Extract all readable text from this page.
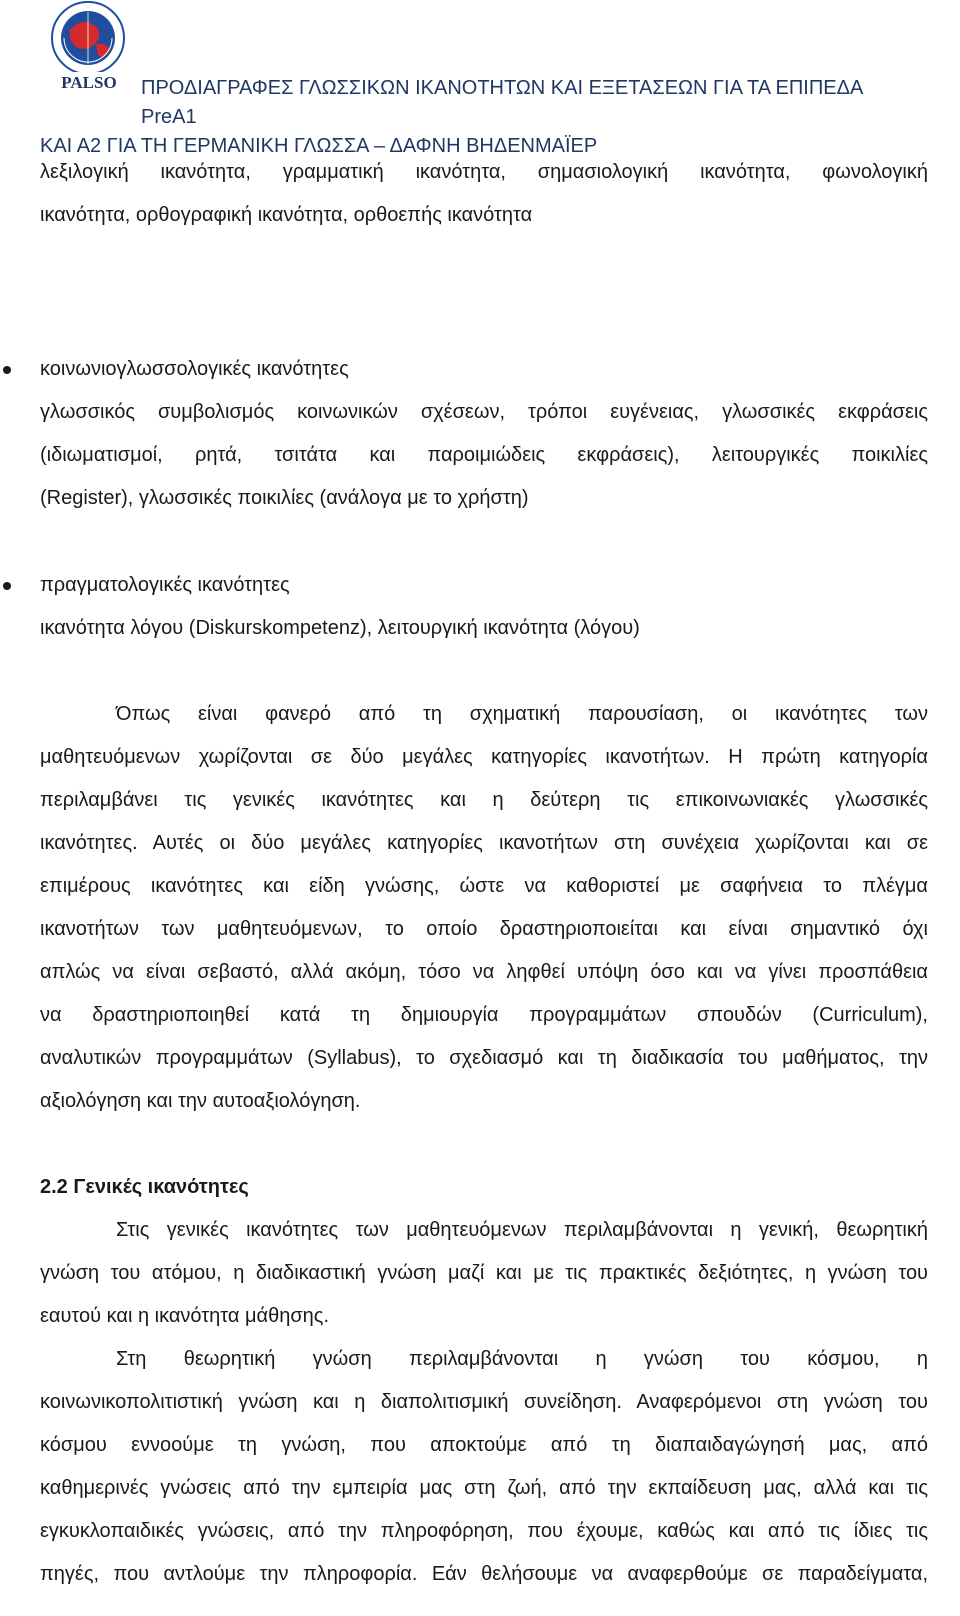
PALSO	ΠΡΟΔΙΑΓΡΑΦΕΣ ΓΛΩΣΣΙΚΩΝ ΙΚΑΝΟΤΗΤΩΝ ΚΑΙ ΕΞΕΤΑΣΕΩΝ ΓΙΑ ΤΑ ΕΠΙΠΕΔΑ PreA1
ΚΑΙ Α2 ΓΙΑ ΤΗ ΓΕΡΜΑΝΙΚΗ ΓΛΩΣΣΑ – ΔΑΦΝΗ ΒΗΔΕΝΜΑΪΕΡ

λεξιλογική ικανότητα, γραμματική ικανότητα, σημασιολογική ικανότητα, φωνολογική

ικανότητα, ορθογραφική ικανότητα, ορθοεπής ικανότητα

κοινωνιογλωσσολογικές ικανότητες

γλωσσικός συμβολισμός κοινωνικών σχέσεων, τρόποι ευγένειας, γλωσσικές εκφράσεις

(ιδιωματισμοί, ρητά, τσιτάτα και παροιμιώδεις εκφράσεις), λειτουργικές ποικιλίες

(Register), γλωσσικές ποικιλίες (ανάλογα με το χρήστη)

πραγματολογικές ικανότητες

ικανότητα λόγου (Diskurskompetenz), λειτουργική ικανότητα (λόγου)

Όπως είναι φανερό από τη σχηματική παρουσίαση, οι ικανότητες των

μαθητευόμενων χωρίζονται σε δύο μεγάλες κατηγορίες ικανοτήτων. Η πρώτη κατηγορία

περιλαμβάνει τις γενικές ικανότητες και η δεύτερη τις επικοινωνιακές γλωσσικές

ικανότητες. Αυτές οι δύο μεγάλες κατηγορίες ικανοτήτων στη συνέχεια χωρίζονται και σε

επιμέρους ικανότητες και είδη γνώσης, ώστε να καθοριστεί με σαφήνεια το πλέγμα

ικανοτήτων των μαθητευόμενων, το οποίο δραστηριοποιείται και είναι σημαντικό όχι

απλώς να είναι σεβαστό, αλλά ακόμη, τόσο να ληφθεί υπόψη όσο και να γίνει προσπάθεια

να δραστηριοποιηθεί κατά τη δημιουργία προγραμμάτων σπουδών (Curriculum),

αναλυτικών προγραμμάτων (Syllabus), το σχεδιασμό και τη διαδικασία του μαθήματος, την

αξιολόγηση και την αυτοαξιολόγηση.

2.2 Γενικές ικανότητες

Στις γενικές ικανότητες των μαθητευόμενων περιλαμβάνονται η γενική, θεωρητική

γνώση του ατόμου, η διαδικαστική γνώση μαζί και με τις πρακτικές δεξιότητες, η γνώση του

εαυτού και η ικανότητα μάθησης.

Στη θεωρητική γνώση περιλαμβάνονται η γνώση του κόσμου, η

κοινωνικοπολιτιστική γνώση και η διαπολιτισμική συνείδηση. Αναφερόμενοι στη γνώση του

κόσμου εννοούμε τη γνώση, που αποκτούμε από τη διαπαιδαγώγησή μας, από

καθημερινές γνώσεις από την εμπειρία μας στη ζωή, από την εκπαίδευση μας, αλλά και τις

εγκυκλοπαιδικές γνώσεις, από την πληροφόρηση, που έχουμε, καθώς και από τις ίδιες τις

πηγές, που αντλούμε την πληροφορία. Εάν θελήσουμε να αναφερθούμε σε παραδείγματα,
